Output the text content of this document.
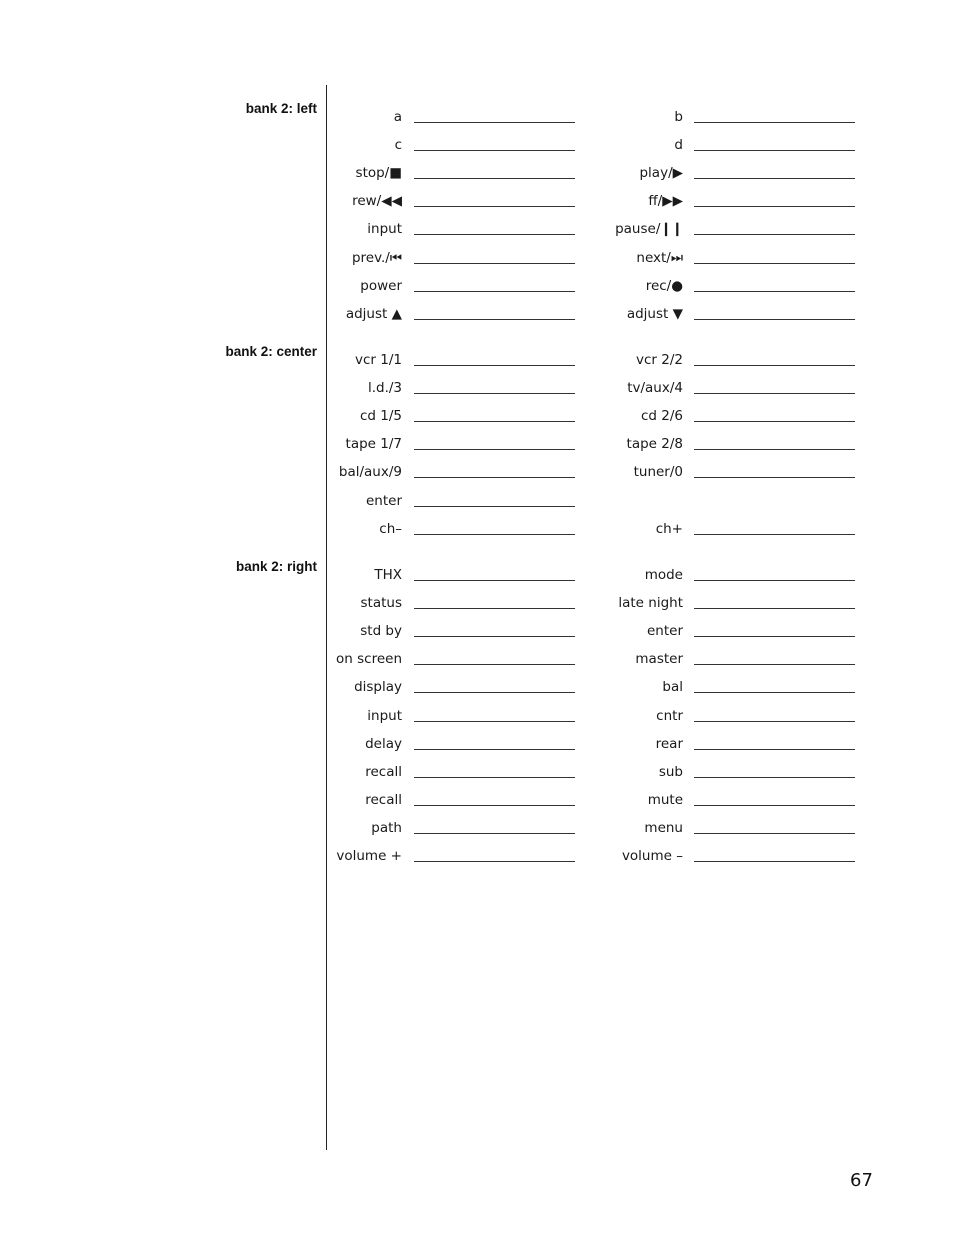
bank 2: left
a	b
c	d
stop/■	play/▶
rew/◀◀	ff/▶▶
input	pause/❙❙
prev./⏮	next/⏭
power	rec/●
adjust ▲	adjust ▼
bank 2: center
vcr 1/1	vcr 2/2
l.d./3	tv/aux/4
cd 1/5	cd 2/6
tape 1/7	tape 2/8
bal/aux/9	tuner/0
enter
ch–	ch+
bank 2: right
THX	mode
status	late night
std by	enter
on screen	master
display	bal
input	cntr
delay	rear
recall	sub
recall	mute
path	menu
volume +	volume –
67
